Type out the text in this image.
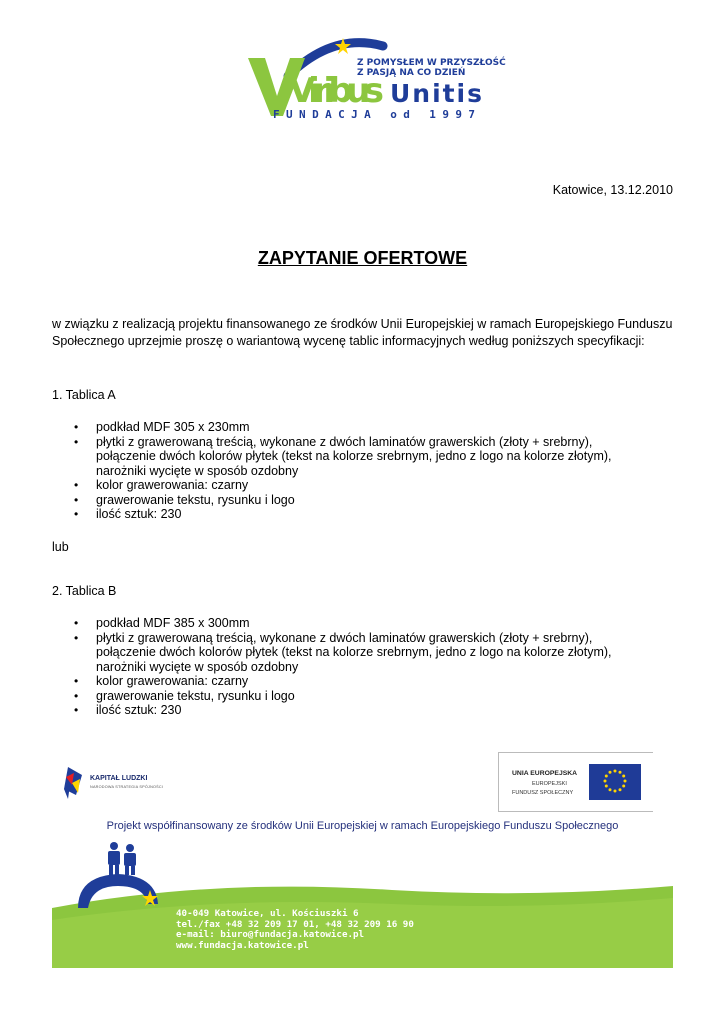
Z POMYSŁEM W PRZYSZŁOŚĆ
Z PASJĄ NA CO DZIEŃ
Viribus Unitis
FUNDACJA od 1997
Katowice, 13.12.2010
ZAPYTANIE OFERTOWE
w związku z realizacją projektu finansowanego ze środków Unii Europejskiej w ramach Europejskiego Funduszu Społecznego uprzejmie proszę o wariantową wycenę tablic informacyjnych według poniższych specyfikacji:
1. Tablica A
• podkład MDF 305 x 230mm
• płytki z grawerowaną treścią, wykonane z dwóch laminatów grawerskich (złoty + srebrny), połączenie dwóch kolorów płytek (tekst na kolorze srebrnym, jedno z logo na kolorze złotym), narożniki wycięte w sposób ozdobny
• kolor grawerowania: czarny
• grawerowanie tekstu, rysunku i logo
• ilość sztuk: 230
lub
2. Tablica B
• podkład MDF 385 x 300mm
• płytki z grawerowaną treścią, wykonane z dwóch laminatów grawerskich (złoty + srebrny), połączenie dwóch kolorów płytek (tekst na kolorze srebrnym, jedno z logo na kolorze złotym), narożniki wycięte w sposób ozdobny
• kolor grawerowania: czarny
• grawerowanie tekstu, rysunku i logo
• ilość sztuk: 230
KAPITAŁ LUDZKI
NARODOWA STRATEGIA SPÓJNOŚCI
UNIA EUROPEJSKA
EUROPEJSKI
FUNDUSZ SPOŁECZNY
Projekt współfinansowany ze środków Unii Europejskiej w ramach Europejskiego Funduszu Społecznego
40-049 Katowice, ul. Kościuszki 6
tel./fax +48 32 209 17 01, +48 32 209 16 90
e-mail: biuro@fundacja.katowice.pl
www.fundacja.katowice.pl
